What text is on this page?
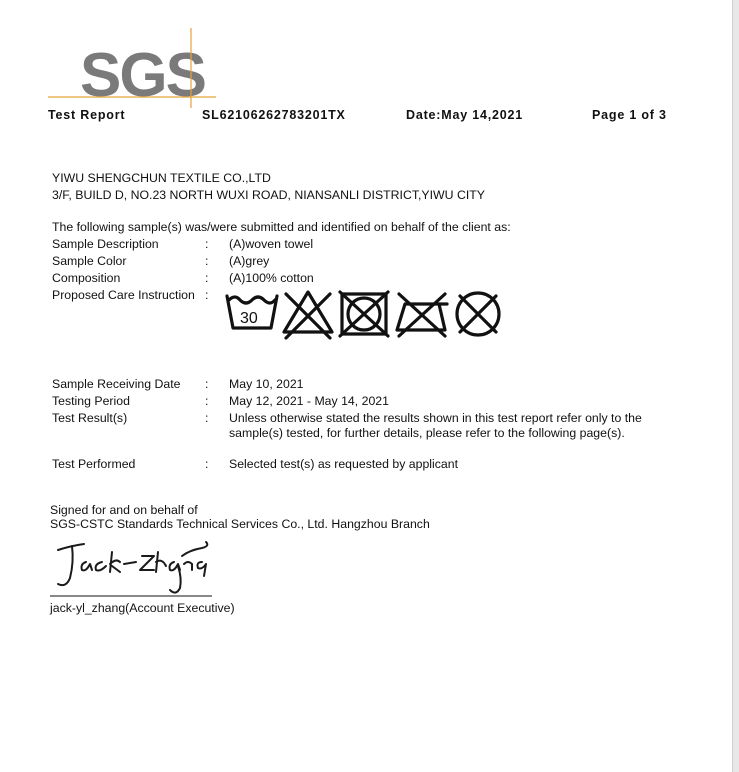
SGS
Test Report	SL62106262783201TX	Date:May 14,2021	Page 1 of 3
YIWU SHENGCHUN TEXTILE CO.,LTD
3/F, BUILD D, NO.23 NORTH WUXI ROAD, NIANSANLI DISTRICT,YIWU CITY
The following sample(s) was/were submitted and identified on behalf of the client as:
Sample Description	: (A)woven towel
Sample Color	: (A)grey
Composition	: (A)100% cotton
Proposed Care Instruction :
30
Sample Receiving Date : May 10, 2021
Testing Period	: May 12, 2021 - May 14, 2021
Test Result(s)	: Unless otherwise stated the results shown in this test report refer only to the
sample(s) tested, for further details, please refer to the following page(s).
Test Performed	: Selected test(s) as requested by applicant
Signed for and on behalf of
SGS-CSTC Standards Technical Services Co., Ltd. Hangzhou Branch
jack-yl_zhang(Account Executive)
